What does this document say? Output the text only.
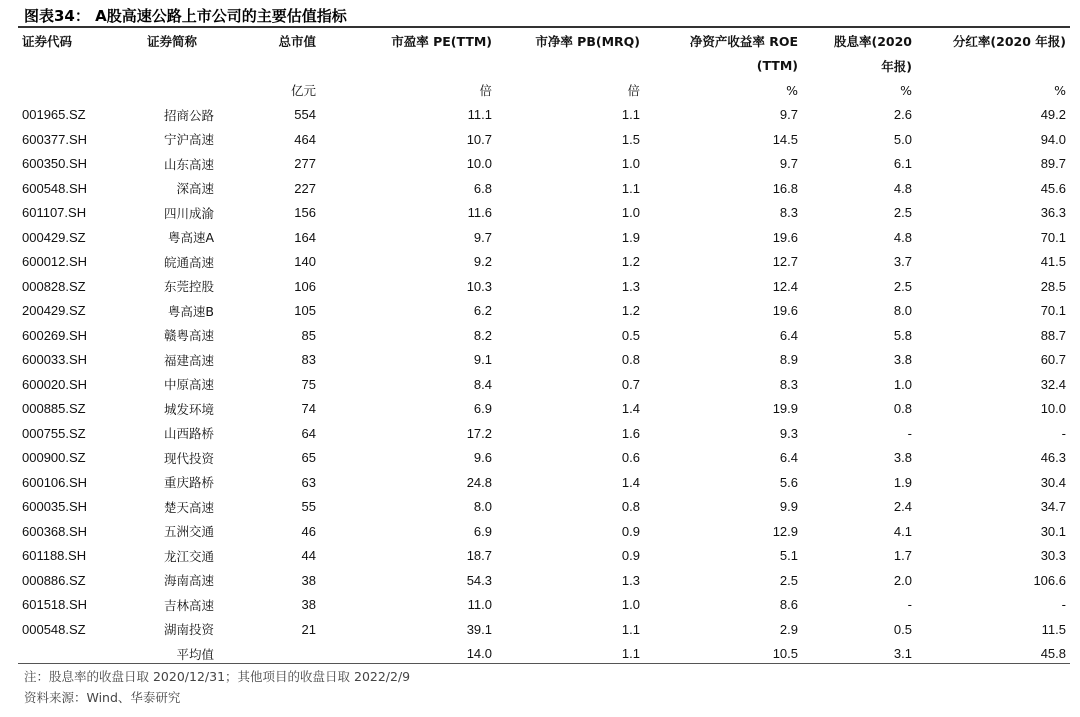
图表34： A股高速公路上市公司的主要估值指标
证券代码	证券简称	总市值	市盈率 PE(TTM)	市净率 PB(MRQ)	净资产收益率 ROE	股息率(2020	分红率(2020 年报)
					(TTM)	年报)	
		亿元	倍	倍	%	%	%
001965.SZ	招商公路	554	11.1	1.1	9.7	2.6	49.2
600377.SH	宁沪高速	464	10.7	1.5	14.5	5.0	94.0
600350.SH	山东高速	277	10.0	1.0	9.7	6.1	89.7
600548.SH	深高速	227	6.8	1.1	16.8	4.8	45.6
601107.SH	四川成渝	156	11.6	1.0	8.3	2.5	36.3
000429.SZ	粤高速A	164	9.7	1.9	19.6	4.8	70.1
600012.SH	皖通高速	140	9.2	1.2	12.7	3.7	41.5
000828.SZ	东莞控股	106	10.3	1.3	12.4	2.5	28.5
200429.SZ	粤高速B	105	6.2	1.2	19.6	8.0	70.1
600269.SH	赣粤高速	85	8.2	0.5	6.4	5.8	88.7
600033.SH	福建高速	83	9.1	0.8	8.9	3.8	60.7
600020.SH	中原高速	75	8.4	0.7	8.3	1.0	32.4
000885.SZ	城发环境	74	6.9	1.4	19.9	0.8	10.0
000755.SZ	山西路桥	64	17.2	1.6	9.3	-	-
000900.SZ	现代投资	65	9.6	0.6	6.4	3.8	46.3
600106.SH	重庆路桥	63	24.8	1.4	5.6	1.9	30.4
600035.SH	楚天高速	55	8.0	0.8	9.9	2.4	34.7
600368.SH	五洲交通	46	6.9	0.9	12.9	4.1	30.1
601188.SH	龙江交通	44	18.7	0.9	5.1	1.7	30.3
000886.SZ	海南高速	38	54.3	1.3	2.5	2.0	106.6
601518.SH	吉林高速	38	11.0	1.0	8.6	-	-
000548.SZ	湖南投资	21	39.1	1.1	2.9	0.5	11.5
	平均值		14.0	1.1	10.5	3.1	45.8
注：股息率的收盘日取 2020/12/31；其他项目的收盘日取 2022/2/9
资料来源：Wind、华泰研究
